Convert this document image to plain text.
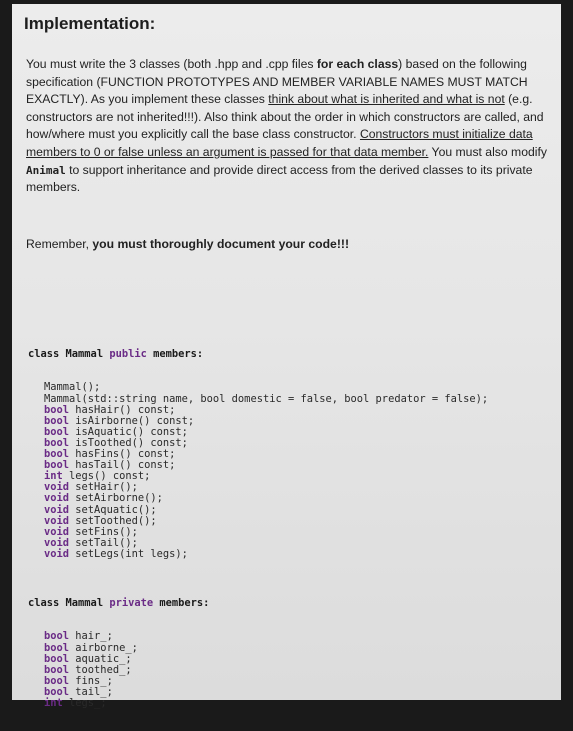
Implementation:
You must write the 3 classes (both .hpp and .cpp files for each class) based on the following specification (FUNCTION PROTOTYPES AND MEMBER VARIABLE NAMES MUST MATCH EXACTLY). As you implement these classes think about what is inherited and what is not (e.g. constructors are not inherited!!!). Also think about the order in which constructors are called, and how/where must you explicitly call the base class constructor. Constructors must initialize data members to 0 or false unless an argument is passed for that data member. You must also modify Animal to support inheritance and provide direct access from the derived classes to its private members.
Remember, you must thoroughly document your code!!!

class Mammal public members:

Mammal();
Mammal(std::string name, bool domestic = false, bool predator = false);
bool hasHair() const;
bool isAirborne() const;
bool isAquatic() const;
bool isToothed() const;
bool hasFins() const;
bool hasTail() const;
int legs() const;
void setHair();
void setAirborne();
void setAquatic();
void setToothed();
void setFins();
void setTail();
void setLegs(int legs);

class Mammal private members:

bool hair_;
bool airborne_;
bool aquatic_;
bool toothed_;
bool fins_;
bool tail_;
int legs_;
